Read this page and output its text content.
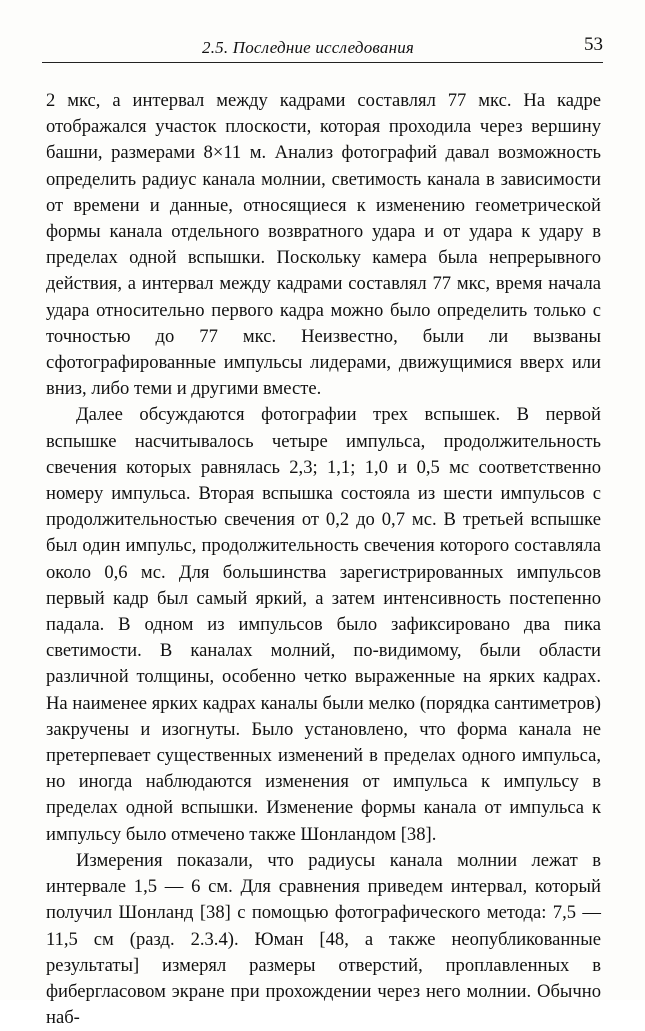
2.5. Последние исследования	53

2 мкс, а интервал между кадрами составлял 77 мкс. На кадре отображался участок плоскости, которая проходила через вершину башни, размерами 8×11 м. Анализ фотографий давал возможность определить радиус канала молнии, светимость канала в зависимости от времени и данные, относящиеся к изменению геометрической формы канала отдельного возвратного удара и от удара к удару в пределах одной вспышки. Поскольку камера была непрерывного действия, а интервал между кадрами составлял 77 мкс, время начала удара относительно первого кадра можно было определить только с точностью до 77 мкс. Неизвестно, были ли вызваны сфотографированные импульсы лидерами, движущимися вверх или вниз, либо теми и другими вместе.

Далее обсуждаются фотографии трех вспышек. В первой вспышке насчитывалось четыре импульса, продолжительность свечения которых равнялась 2,3; 1,1; 1,0 и 0,5 мс соответственно номеру импульса. Вторая вспышка состояла из шести импульсов с продолжительностью свечения от 0,2 до 0,7 мс. В третьей вспышке был один импульс, продолжительность свечения которого составляла около 0,6 мс. Для большинства зарегистрированных импульсов первый кадр был самый яркий, а затем интенсивность постепенно падала. В одном из импульсов было зафиксировано два пика светимости. В каналах молний, по-видимому, были области различной толщины, особенно четко выраженные на ярких кадрах. На наименее ярких кадрах каналы были мелко (порядка сантиметров) закручены и изогнуты. Было установлено, что форма канала не претерпевает существенных изменений в пределах одного импульса, но иногда наблюдаются изменения от импульса к импульсу в пределах одной вспышки. Изменение формы канала от импульса к импульсу было отмечено также Шонландом [38].

Измерения показали, что радиусы канала молнии лежат в интервале 1,5 — 6 см. Для сравнения приведем интервал, который получил Шонланд [38] с помощью фотографического метода: 7,5 — 11,5 см (разд. 2.3.4). Юман [48, а также неопубликованные результаты] измерял размеры отверстий, проплавленных в фибергласовом экране при прохождении через него молнии. Обычно наб-
